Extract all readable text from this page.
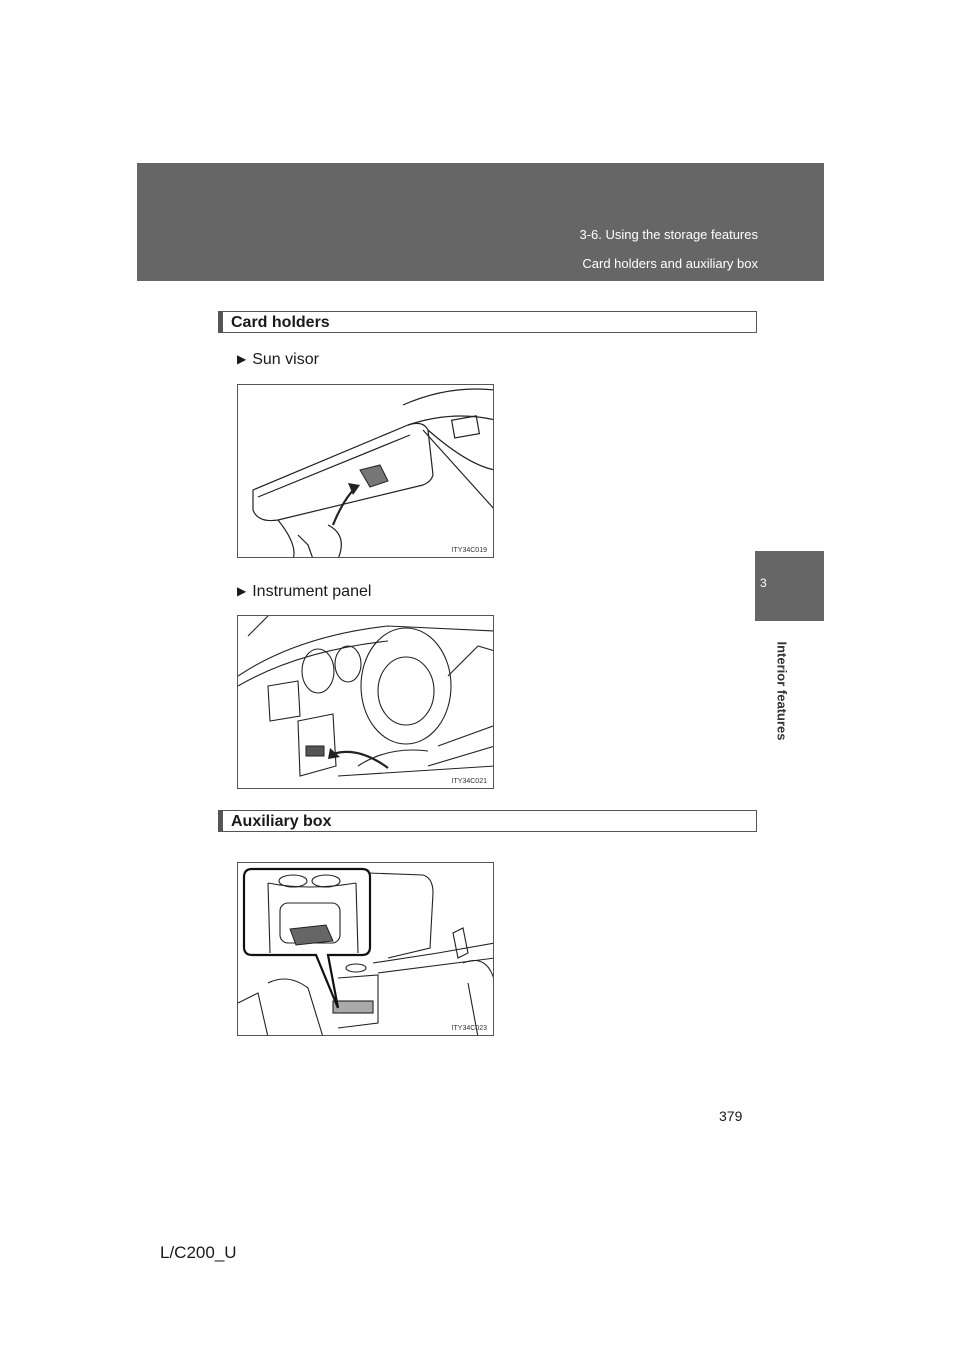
3-6. Using the storage features
Card holders and auxiliary box
3
Interior features
Card holders
▶ Sun visor
ITY34C019
▶ Instrument panel
ITY34C021
Auxiliary box
ITY34C023
379
L/C200_U
